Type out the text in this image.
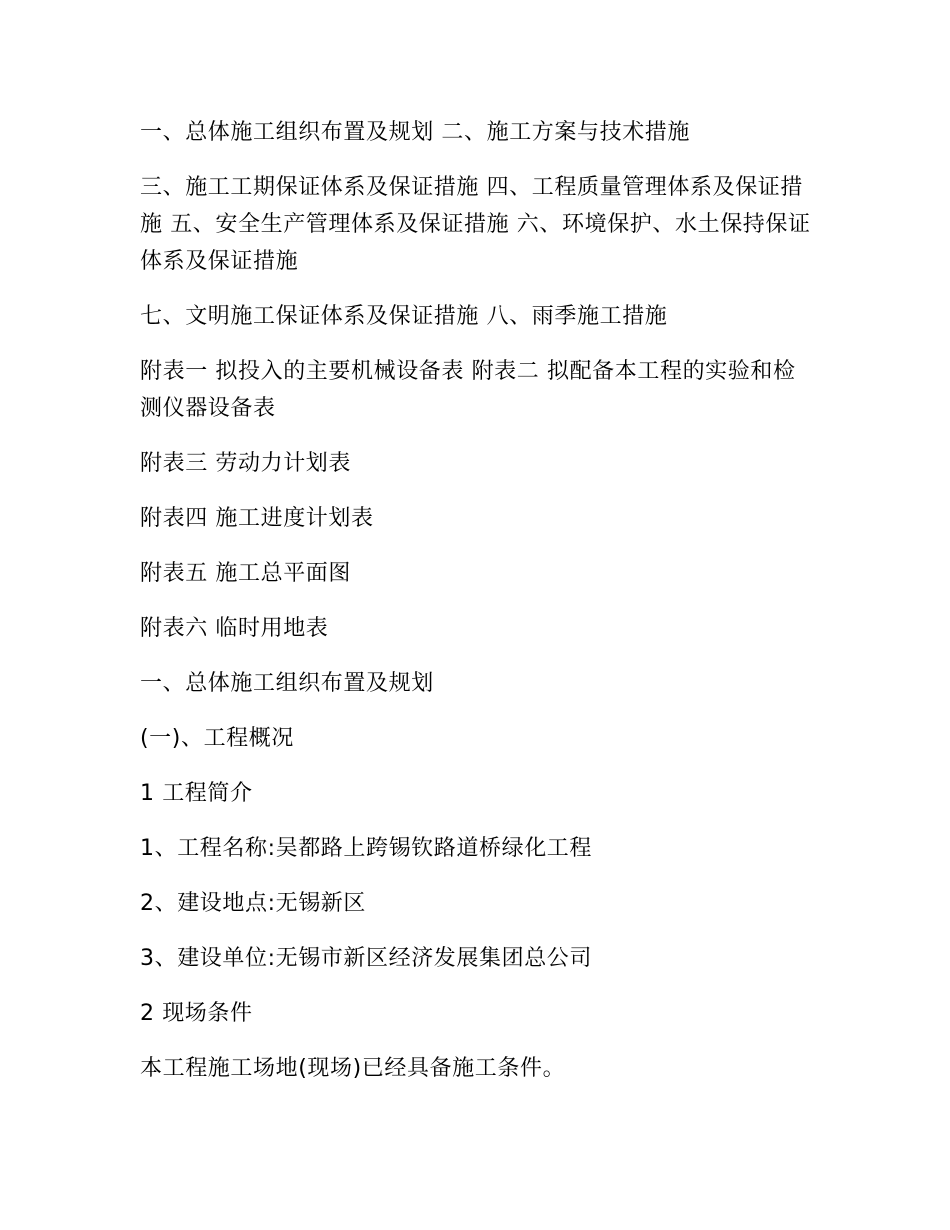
一、总体施工组织布置及规划 二、施工方案与技术措施

三、施工工期保证体系及保证措施 四、工程质量管理体系及保证措施 五、安全生产管理体系及保证措施 六、环境保护、水土保持保证体系及保证措施

七、文明施工保证体系及保证措施 八、雨季施工措施

附表一 拟投入的主要机械设备表 附表二 拟配备本工程的实验和检测仪器设备表

附表三 劳动力计划表

附表四 施工进度计划表

附表五 施工总平面图

附表六 临时用地表

一、总体施工组织布置及规划

(一)、工程概况

1 工程简介

1、工程名称:吴都路上跨锡钦路道桥绿化工程

2、建设地点:无锡新区

3、建设单位:无锡市新区经济发展集团总公司

2 现场条件

本工程施工场地(现场)已经具备施工条件。
